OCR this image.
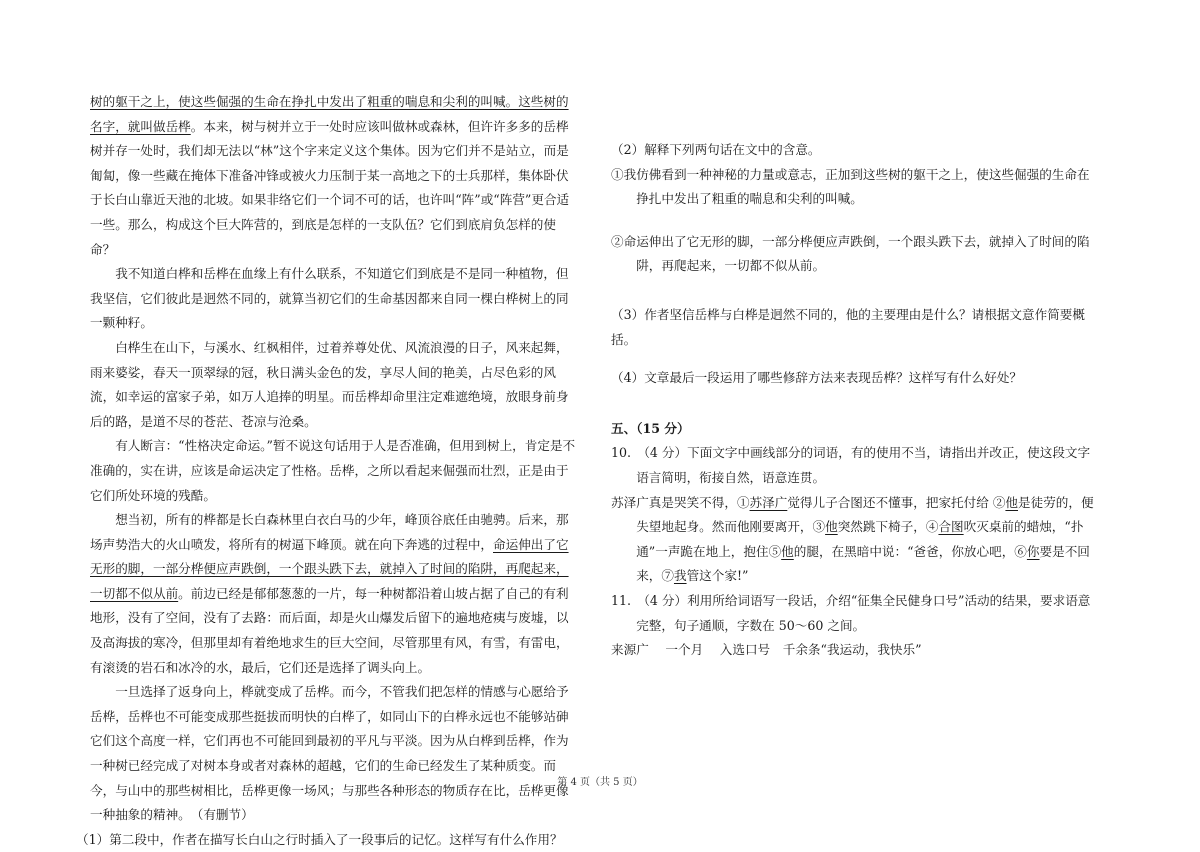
树的躯干之上，使这些倔强的生命在挣扎中发出了粗重的喘息和尖利的叫喊。这些树的名字，就叫做岳桦。本来，树与树并立于一处时应该叫做林或森林，但许许多多的岳桦树并存一处时，我们却无法以“林”这个字来定义这个集体。因为它们并不是站立，而是匍匐，像一些藏在掩体下准备冲锋或被火力压制于某一高地之下的士兵那样，集体卧伏于长白山靠近天池的北坡。如果非络它们一个词不可的话，也许叫“阵”或“阵营”更合适一些。那么，构成这个巨大阵营的，到底是怎样的一支队伍？它们到底肩负怎样的使命？

我不知道白桦和岳桦在血缘上有什么联系，不知道它们到底是不是同一种植物，但我坚信，它们彼此是迥然不同的，就算当初它们的生命基因都来自同一棵白桦树上的同一颗种籽。

白桦生在山下，与溪水、红枫相伴，过着养尊处优、风流浪漫的日子，风来起舞，雨来婆娑，春天一顶翠绿的冠，秋日满头金色的发，享尽人间的艳美，占尽色彩的风流，如幸运的富家子弟，如万人追捧的明星。而岳桦却命里注定难遮绝境，放眼身前身后的路，是道不尽的苍茫、苍凉与沧桑。

有人断言：“性格决定命运。”暂不说这句话用于人是否准确，但用到树上，肯定是不准确的，实在讲，应该是命运决定了性格。岳桦，之所以看起来倔强而壮烈，正是由于它们所处环境的残酷。

想当初，所有的桦都是长白森林里白衣白马的少年，峰顶谷底任由驰骋。后来，那场声势浩大的火山喷发，将所有的树逼下峰顶。就在向下奔逃的过程中，命运伸出了它无形的脚，一部分桦便应声跌倒，一个跟头跌下去，就掉入了时间的陷阱，再爬起来，一切都不似从前。前边已经是郁郁葱葱的一片，每一种树都沿着山坡占据了自己的有利地形，没有了空间，没有了去路：而后面，却是火山爆发后留下的遍地疮痍与废墟，以及高海拔的寒冷，但那里却有着绝地求生的巨大空间，尽管那里有风，有雪，有雷电，有滚烫的岩石和冰冷的水，最后，它们还是选择了调头向上。

一旦选择了返身向上，桦就变成了岳桦。而今，不管我们把怎样的情感与心愿给予岳桦，岳桦也不可能变成那些挺拔而明快的白桦了，如同山下的白桦永远也不能够站砷它们这个高度一样，它们再也不可能回到最初的平凡与平淡。因为从白桦到岳桦，作为一种树已经完成了对树本身或者对森林的超越，它们的生命已经发生了某种质变。而今，与山中的那些树相比，岳桦更像一场风；与那些各种形态的物质存在比，岳桦更像一种抽象的精神。　（有删节）

（1）第二段中，作者在描写长白山之行时插入了一段事后的记忆。这样写有什么作用？

（2）解释下列两句话在文中的含意。

①我仿佛看到一种神秘的力量或意志，正加到这些树的躯干之上，使这些倔强的生命在挣扎中发出了粗重的喘息和尖利的叫喊。

②命运伸出了它无形的脚，一部分桦便应声跌倒，一个跟头跌下去，就掉入了时间的陷阱，再爬起来，一切都不似从前。

（3）作者坚信岳桦与白桦是迥然不同的，他的主要理由是什么？请根据文意作简要概括。

（4）文章最后一段运用了哪些修辞方法来表现岳桦？这样写有什么好处？

五、（15 分）

10.　（4 分）下面文字中画线部分的词语，有的使用不当，请指出并改正，使这段文字语言简明，衔接自然，语意连贯。

苏泽广真是哭笑不得，①苏泽广觉得儿子合图还不懂事，把家托付给 ②他是徒劳的，便失望地起身。然而他刚要离开，③他突然跳下椅子，④合图吹灭桌前的蜡烛，“扑通”一声跪在地上，抱住⑤他的腿，在黑暗中说：“爸爸，你放心吧，⑥你要是不回来，⑦我管这个家!”

11.　（4 分）利用所给词语写一段话，介绍“征集全民健身口号”活动的结果，要求语意完整，句子通顺，字数在 50～60 之间。

来源广　 一个月　 入选口号　千余条“我运动，我快乐”

第 4 页（共 5 页）
